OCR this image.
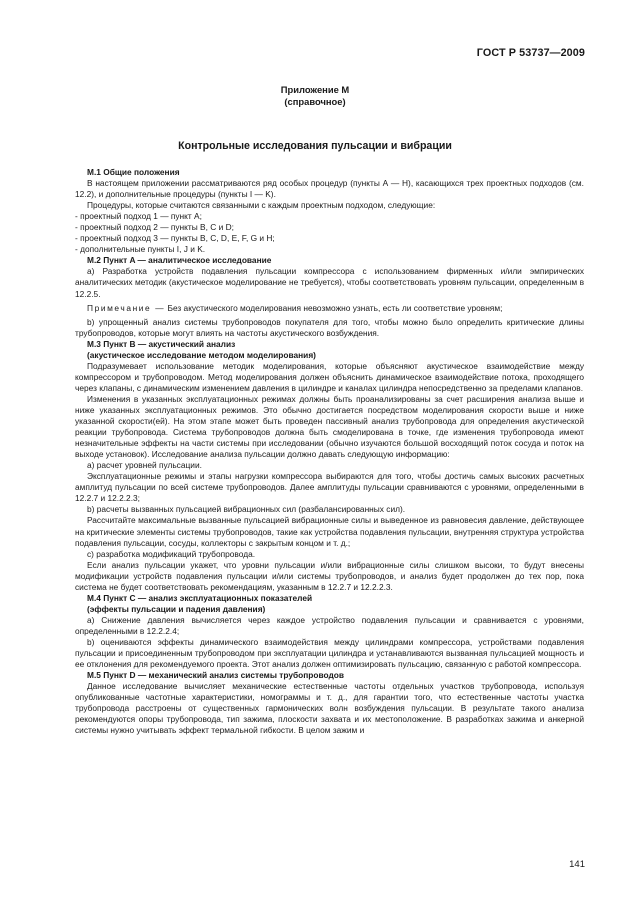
ГОСТ Р 53737—2009
Приложение М
(справочное)
Контрольные исследования пульсации и вибрации

М.1 Общие положения

В настоящем приложении рассматриваются ряд особых процедур (пункты А — Н), касающихся трех проектных подходов (см. 12.2), и дополнительные процедуры (пункты I — K).

Процедуры, которые считаются связанными с каждым проектным подходом, следующие:

- проектный подход 1 — пункт A;

- проектный подход 2 — пункты B, C и D;

- проектный подход 3 — пункты B, C, D, E, F, G и H;

- дополнительные пункты I, J и K.

М.2 Пункт A — аналитическое исследование

a) Разработка устройств подавления пульсации компрессора с использованием фирменных и/или эмпирических аналитических методик (акустическое моделирование не требуется), чтобы соответствовать уровням пульсации, определенным в 12.2.5.

Примечание — Без акустического моделирования невозможно узнать, есть ли соответствие уровням;

b) упрощенный анализ системы трубопроводов покупателя для того, чтобы можно было определить критические длины трубопроводов, которые могут влиять на частоты акустического возбуждения.

М.3 Пункт B — акустический анализ

(акустическое исследование методом моделирования)

Подразумевает использование методик моделирования, которые объясняют акустическое взаимодействие между компрессором и трубопроводом. Метод моделирования должен объяснить динамическое взаимодействие потока, проходящего через клапаны, с динамическим изменением давления в цилиндре и каналах цилиндра непосредственно за пределами клапанов.

Изменения в указанных эксплуатационных режимах должны быть проанализированы за счет расширения анализа выше и ниже указанных эксплуатационных режимов. Это обычно достигается посредством моделирования скорости выше и ниже указанной скорости(ей). На этом этапе может быть проведен пассивный анализ трубопровода для определения акустической реакции трубопровода. Система трубопроводов должна быть смоделирована в точке, где изменения трубопровода имеют незначительные эффекты на части системы при исследовании (обычно изучаются большой восходящий поток сосуда и поток на выходе установок). Исследование анализа пульсации должно давать следующую информацию:

a) расчет уровней пульсации.

Эксплуатационные режимы и этапы нагрузки компрессора выбираются для того, чтобы достичь самых высоких расчетных амплитуд пульсации по всей системе трубопроводов. Далее амплитуды пульсации сравниваются с уровнями, определенными в 12.2.7 и 12.2.2.3;

b) расчеты вызванных пульсацией вибрационных сил (разбалансированных сил).

Рассчитайте максимальные вызванные пульсацией вибрационные силы и выведенное из равновесия давление, действующее на критические элементы системы трубопроводов, такие как устройства подавления пульсации, внутренняя структура устройства подавления пульсации, сосуды, коллекторы с закрытым концом и т. д.;

c) разработка модификаций трубопровода.

Если анализ пульсации укажет, что уровни пульсации и/или вибрационные силы слишком высоки, то будут внесены модификации устройств подавления пульсации и/или системы трубопроводов, и анализ будет продолжен до тех пор, пока система не будет соответствовать рекомендациям, указанным в 12.2.7 и 12.2.2.3.

М.4 Пункт C — анализ эксплуатационных показателей

(эффекты пульсации и падения давления)

a) Снижение давления вычисляется через каждое устройство подавления пульсации и сравнивается с уровнями, определенными в 12.2.2.4;

b) оцениваются эффекты динамического взаимодействия между цилиндрами компрессора, устройствами подавления пульсации и присоединенным трубопроводом при эксплуатации цилиндра и устанавливаются вызванная пульсацией мощность и ее отклонения для рекомендуемого проекта. Этот анализ должен оптимизировать пульсацию, связанную с работой компрессора.

М.5 Пункт D — механический анализ системы трубопроводов

Данное исследование вычисляет механические естественные частоты отдельных участков трубопровода, используя опубликованные частотные характеристики, номограммы и т. д., для гарантии того, что естественные частоты участка трубопровода расстроены от существенных гармонических волн возбуждения пульсации. В результате такого анализа рекомендуются опоры трубопровода, тип зажима, плоскости захвата и их местоположение. В разработках зажима и анкерной системы нужно учитывать эффект термальной гибкости. В целом зажим и

141
